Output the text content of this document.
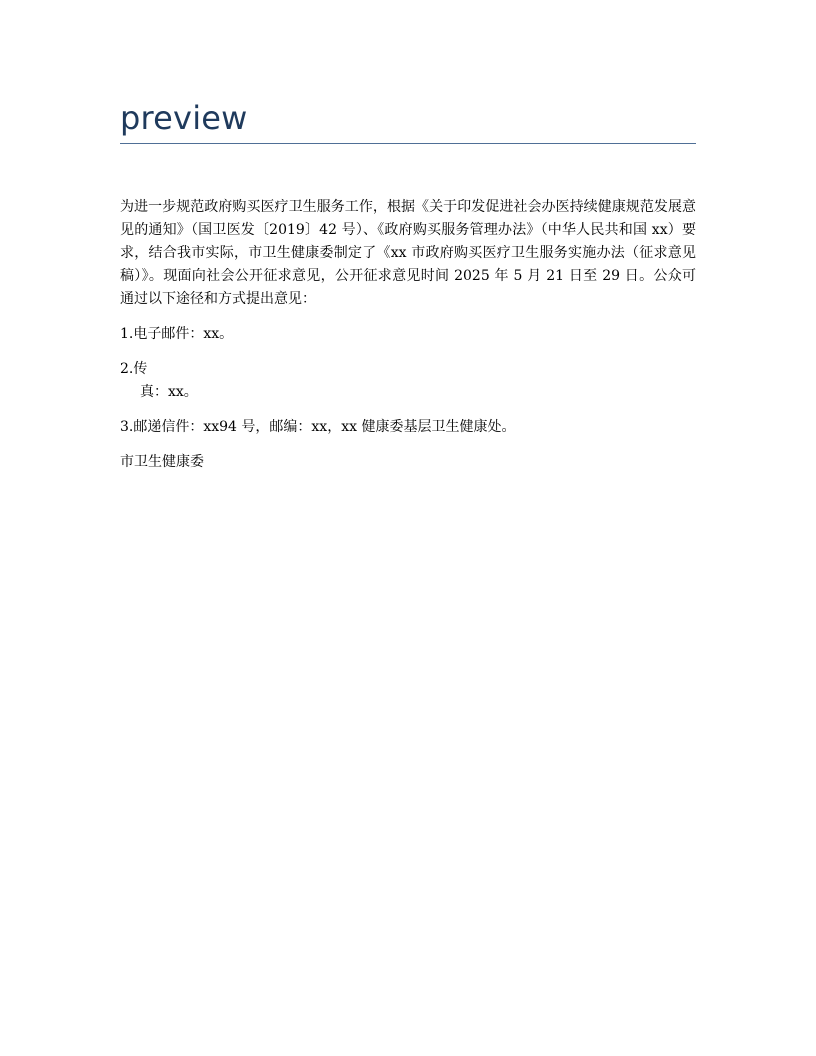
preview

为进一步规范政府购买医疗卫生服务工作，根据《关于印发促进社会办医持续健康规范发展意见的通知》（国卫医发〔2019〕42 号）、《政府购买服务管理办法》（中华人民共和国 xx）要求，结合我市实际，市卫生健康委制定了《xx 市政府购买医疗卫生服务实施办法（征求意见稿）》。现面向社会公开征求意见，公开征求意见时间 2025 年 5 月 21 日至 29 日。公众可通过以下途径和方式提出意见：

1.电子邮件：xx。

2.传
真：xx。

3.邮递信件：xx94 号，邮编：xx，xx 健康委基层卫生健康处。

市卫生健康委
